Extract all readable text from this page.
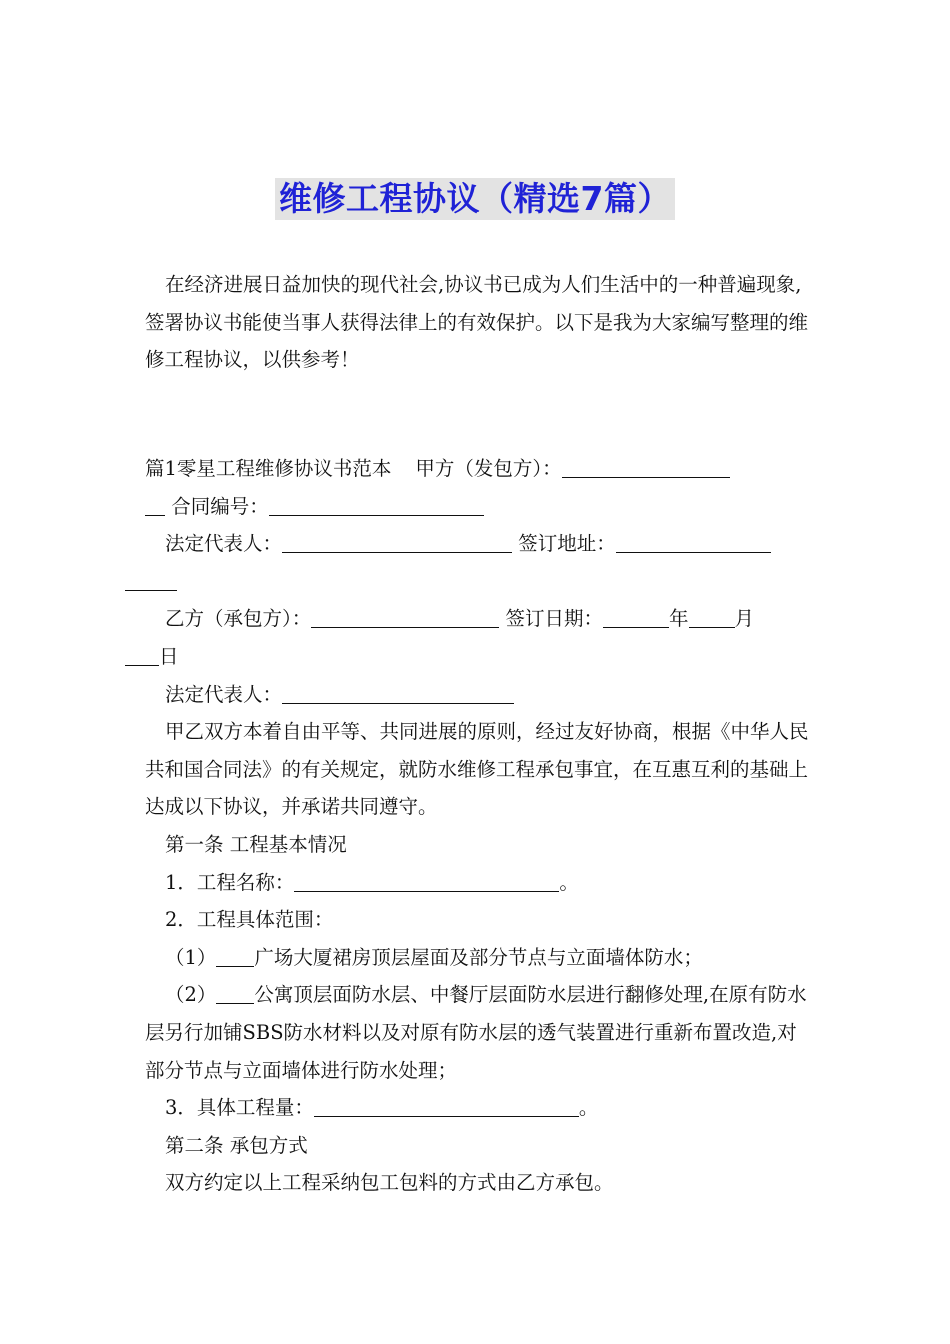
维修工程协议（精选7篇）

在经济进展日益加快的现代社会,协议书已成为人们生活中的一种普遍现象,签署协议书能使当事人获得法律上的有效保护。以下是我为大家编写整理的维修工程协议，以供参考！

篇1零星工程维修协议书范本 甲方（发包方）：
合同编号：

法定代表人：	签订地址：

乙方（承包方）：	签订日期：	年 月
日

法定代表人：

甲乙双方本着自由平等、共同进展的原则，经过友好协商，根据《中华人民共和国合同法》的有关规定，就防水维修工程承包事宜，在互惠互利的基础上达成以下协议，并承诺共同遵守。

第一条 工程基本情况

1．工程名称：	。

2．工程具体范围：

（1） 广场大厦裙房顶层屋面及部分节点与立面墙体防水；

（2） 公寓顶层面防水层、中餐厅层面防水层进行翻修处理,在原有防水层另行加铺SBS防水材料以及对原有防水层的透气装置进行重新布置改造,对部分节点与立面墙体进行防水处理；

3．具体工程量：	。

第二条 承包方式

双方约定以上工程采纳包工包料的方式由乙方承包。
